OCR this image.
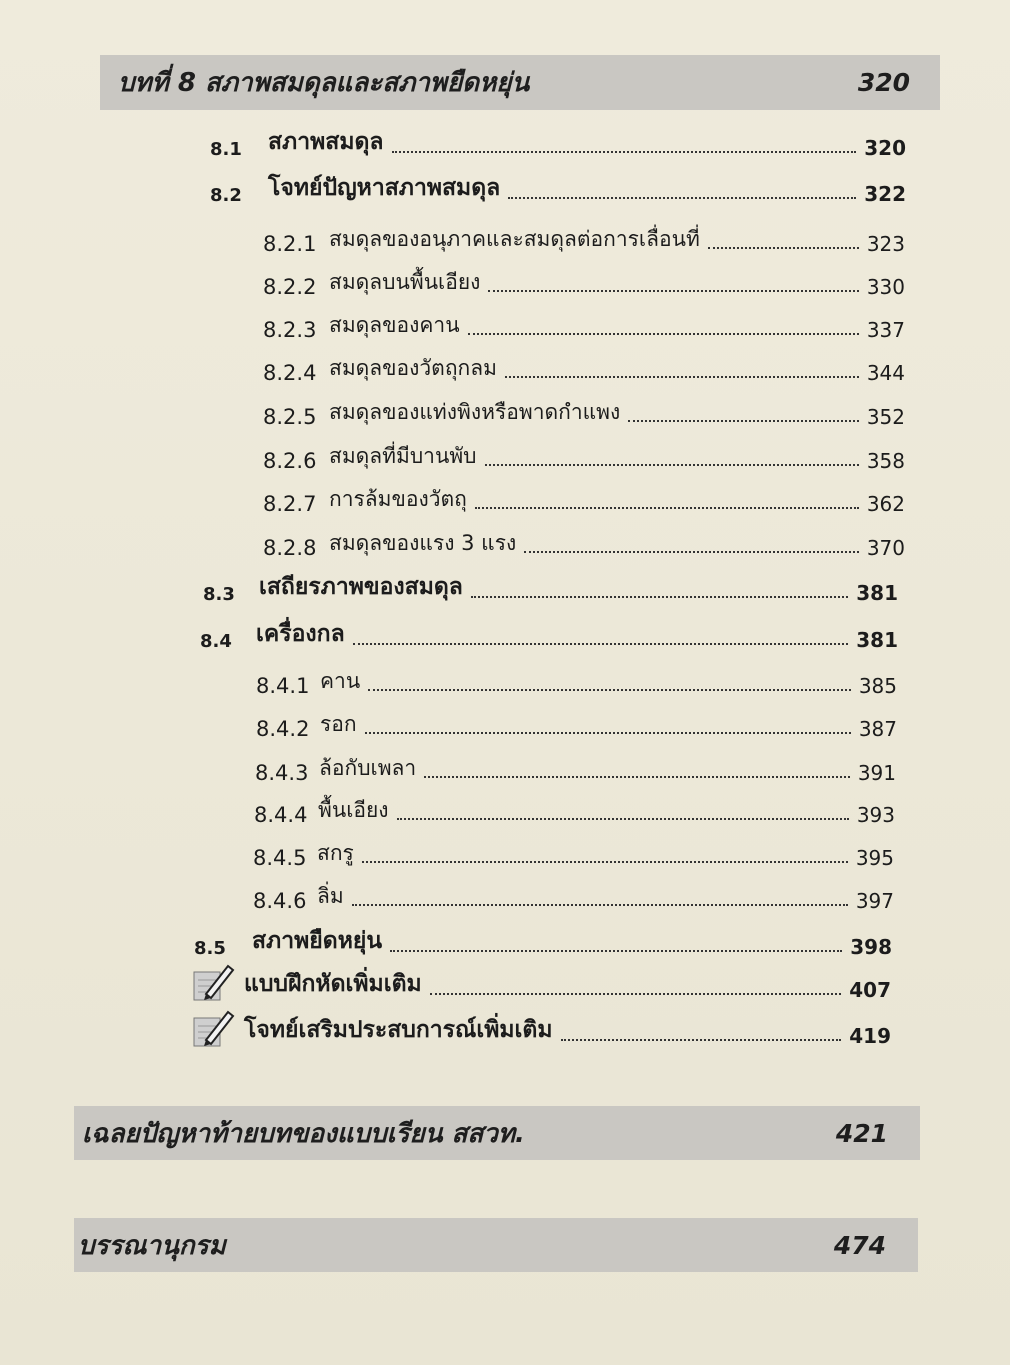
บทที่ 8 สภาพสมดุลและสภาพยืดหยุ่น	320
8.1	สภาพสมดุล	320
8.2	โจทย์ปัญหาสภาพสมดุล	322
8.2.1 สมดุลของอนุภาคและสมดุลต่อการเลื่อนที่	323
8.2.2 สมดุลบนพื้นเอียง	330
8.2.3 สมดุลของคาน	337
8.2.4 สมดุลของวัตถุกลม	344
8.2.5 สมดุลของแท่งพิงหรือพาดกำแพง	352
8.2.6 สมดุลที่มีบานพับ	358
8.2.7 การล้มของวัตถุ	362
8.2.8 สมดุลของแรง 3 แรง	370
8.3	เสถียรภาพของสมดุล	381
8.4	เครื่องกล	381
8.4.1 คาน	385
8.4.2 รอก	387
8.4.3 ล้อกับเพลา	391
8.4.4 พื้นเอียง	393
8.4.5 สกรู	395
8.4.6 ลิ่ม	397
8.5	สภาพยืดหยุ่น	398
แบบฝึกหัดเพิ่มเติม	407
โจทย์เสริมประสบการณ์เพิ่มเติม	419
เฉลยปัญหาท้ายบทของแบบเรียน สสวท.	421
บรรณานุกรม	474
